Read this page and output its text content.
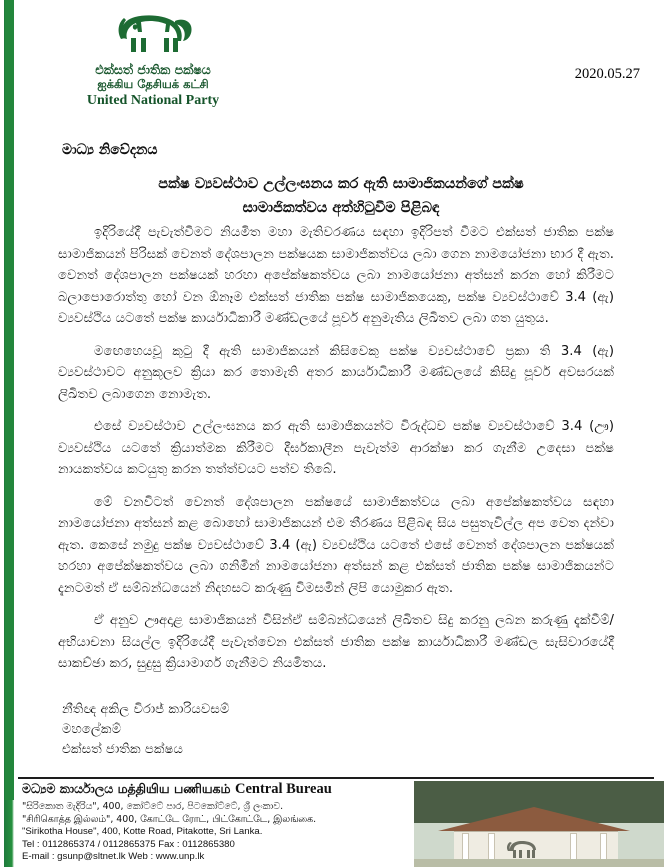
එක්සත් ජාතික පක්ෂය
ஐக்கிய தேசியக் கட்சி
United National Party
2020.05.27
මාධ්‍ය නිවේදනය
පක්ෂ ව්‍යවස්ථාව උල්ලංඝනය කර ඇති සාමාජිකයන්ගේ පක්ෂ
සාමාජිකත්වය අත්හිටුවීම පිළිබඳ
ඉදිරියේදී පැවැත්වීමට නියමිත මහා මැතිවරණය සඳහා ඉදිරිපත් වීමට එක්සත් ජාතික පක්ෂ සාමාජිකයන් පිරිසක් වෙනත් දේශපාලන පක්ෂයක සාමාජිකත්වය ලබා ගෙන නාමයෝජනා භාර දී ඇත. වෙනත් දේශපාලන පක්ෂයක් හරහා අපේක්ෂකත්වය ලබා නාමයෝජනා අත්සන් කරන හෝ කිරීමට බලාපොරොත්තු හෝ වන ඕනෑම එක්සත් ජාතික පක්ෂ සාමාජිකයෙකු, පක්ෂ ව්‍යවස්ථාවේ 3.4 (ඇ) ව්‍යවස්ථිය යටතේ පක්ෂ කාර්යාධිකාරී මණ්ඩලයේ පූර්ව අනුමැතිය ලිඛිතව ලබා ගත යුතුය.
මඟෙහෙයවූ කුටු දී ඇති සාමාජිකයන් කිසිවෙකු පක්ෂ ව්‍යවස්ථාවේ ප්‍රකා ති 3.4 (ඇ) ව්‍යවස්ථාවට අනුකූලව ක්‍රියා කර තොමැති අතර කාර්යාධිකාරී මණ්ඩලයේ කිසිදු පූර්ව අවසරයක් ලිඛිතව ලබාගෙන නොමැත.
එසේ ව්‍යවස්ථාව උල්ලංඝනය කර ඇති සාමාජිකයන්ට විරුද්ධව පක්ෂ ව්‍යවස්ථාවේ 3.4 (ඌ) ව්‍යවස්ථිය යටතේ ක්‍රියාත්මක කිරීමට දීර්ඝකාලීන පැවැත්ම ආරක්ෂා කර ගැනීම උදෙසා පක්ෂ නායකත්වය කටයුතු කරන තත්ත්වයට පත්ව තිබේ.
මේ වනවිටත් වෙනත් දේශපාලන පක්ෂයේ සාමාජිකත්වය ලබා අපේක්ෂකත්වය සඳහා නාමයෝජනා අත්සන් කළ බොහෝ සාමාජිකයන් එම තීරණය පිළිබඳ සිය පසුතැවිල්ල අප වෙත දන්වා ඇත. කෙසේ නමුදු පක්ෂ ව්‍යවස්ථාවේ 3.4 (ඇ) ව්‍යවස්ථිය යටතේ එසේ වෙනත් දේශපාලන පක්ෂයක් හරහා අපේක්ෂකත්වය ලබා ගනිමින් නාමයෝජනා අත්සන් කළ එක්සත් ජාතික පක්ෂ සාමාජිකයන්ට දැනටමත් ඒ සම්බන්ධයෙන් නිදහසට කරුණු විමසමින් ලිපි යොමුකර ඇත.
ඒ අනුව ඌඅදාළ සාමාජිකයන් විසින්ඒ සම්බන්ධයෙන් ලිඛිතව සිදු කරනු ලබන කරුණු දැක්වීම්/අභියාචනා සියල්ල ඉදිරියේදී පැවැත්වෙන එක්සත් ජාතික පක්ෂ කාර්යාධිකාරී මණ්ඩල සැසිවාරයේදී සාකච්ඡා කර, සුදුසු ක්‍රියාමාර්ග ගැනීමට නියමිතය.
නීතිඥ අකිල විරාජ් කාරියවසම්
මහලේකම්
එක්සත් ජාතික පක්ෂය
මධ්‍යම කාර්යාලය மத்தியிய பணியகம் Central Bureau
"සිරිකොත මැදිරිය", 400, කෝට්ටේ පාර, පිටකෝට්ටේ, ශ්‍රී ලංකාව.
"சிரிகொத்த இல்லம்", 400, கோட்டே ரோட், பிட்கோட்டே, இலங்கை.
"Sirikotha House", 400, Kotte Road, Pitakotte, Sri Lanka.
Tel : 0112865374 / 0112865375 Fax : 0112865380
E-mail : gsunp@sltnet.lk Web : www.unp.lk
